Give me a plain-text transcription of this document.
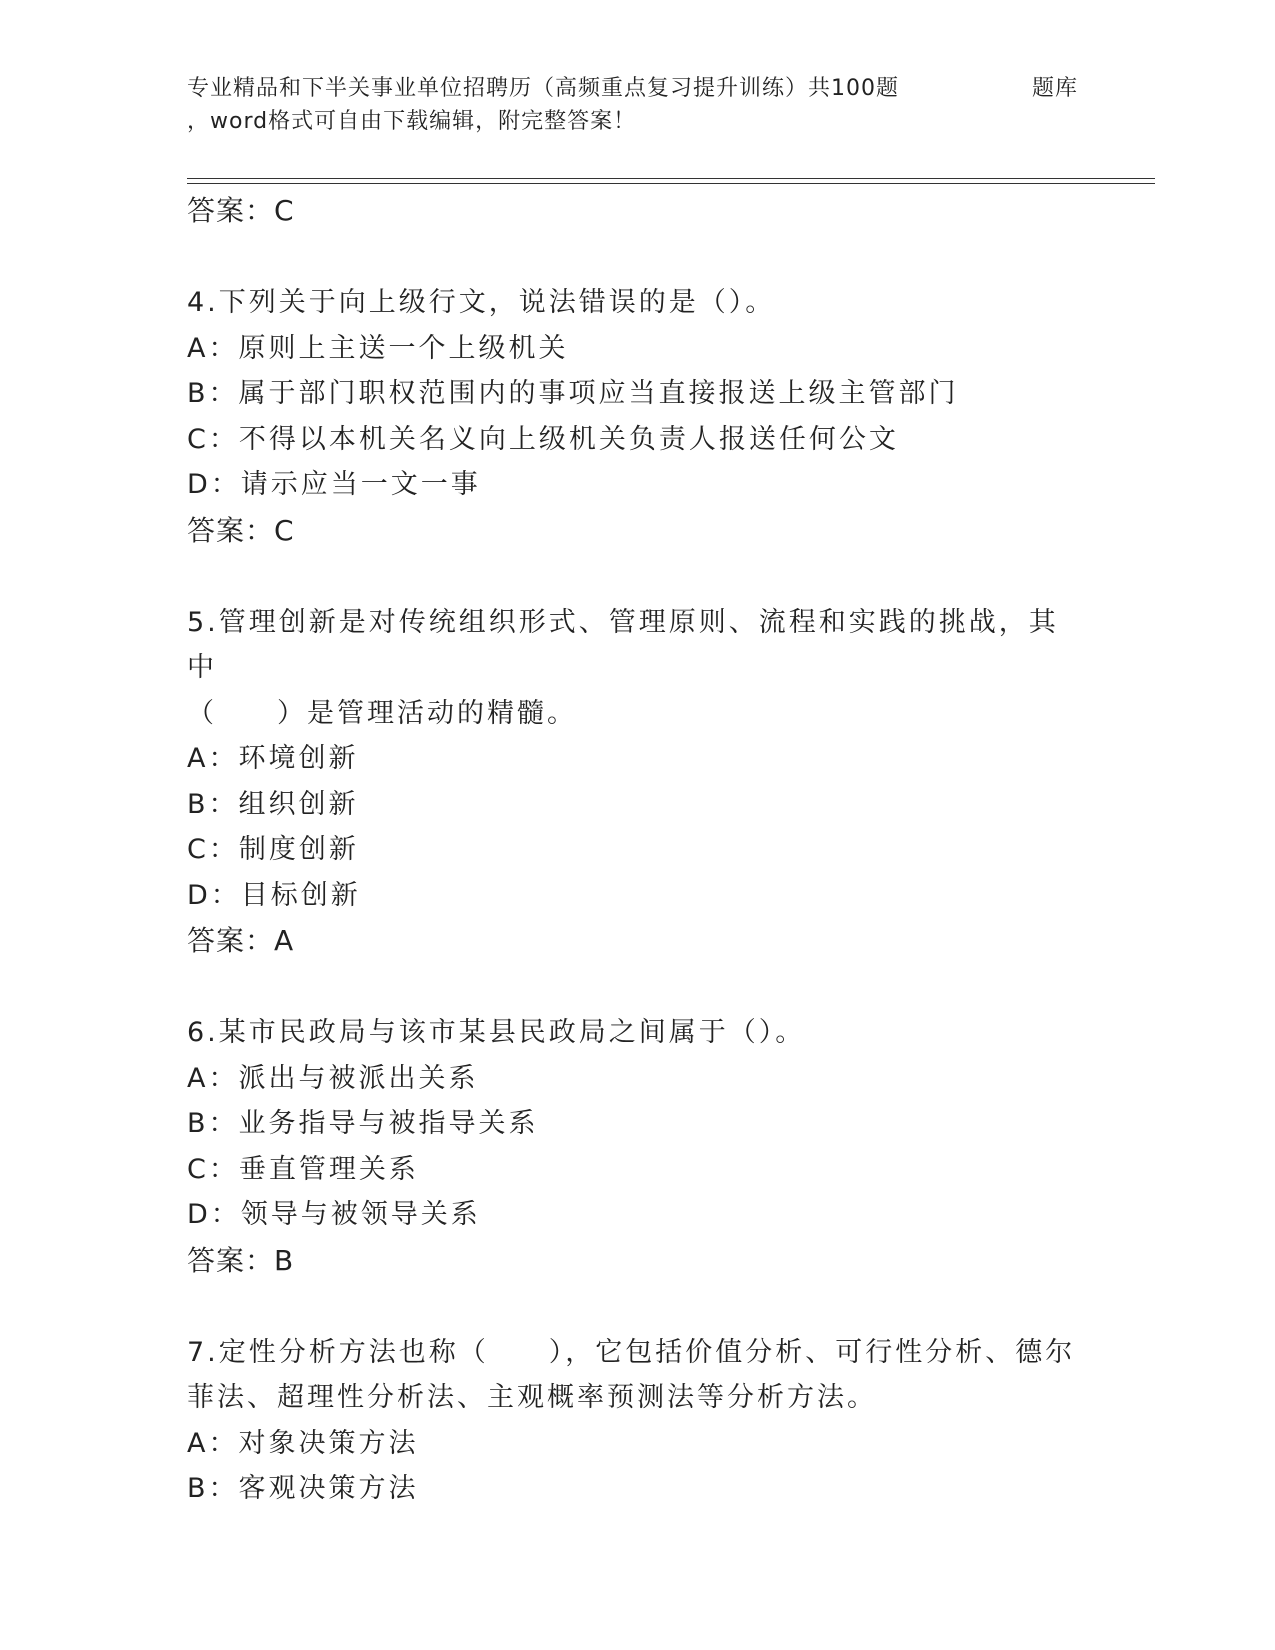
专业精品和下半关事业单位招聘历（高频重点复习提升训练）共100题	题库
，word格式可自由下载编辑，附完整答案！
答案：C
4.下列关于向上级行文，说法错误的是（）。
A：原则上主送一个上级机关
B：属于部门职权范围内的事项应当直接报送上级主管部门
C：不得以本机关名义向上级机关负责人报送任何公文
D：请示应当一文一事
答案：C
5.管理创新是对传统组织形式、管理原则、流程和实践的挑战，其中
（　　）是管理活动的精髓。
A：环境创新
B：组织创新
C：制度创新
D：目标创新
答案：A
6.某市民政局与该市某县民政局之间属于（）。
A：派出与被派出关系
B：业务指导与被指导关系
C：垂直管理关系
D：领导与被领导关系
答案：B
7.定性分析方法也称（　　），它包括价值分析、可行性分析、德尔
菲法、超理性分析法、主观概率预测法等分析方法。
A：对象决策方法
B：客观决策方法
